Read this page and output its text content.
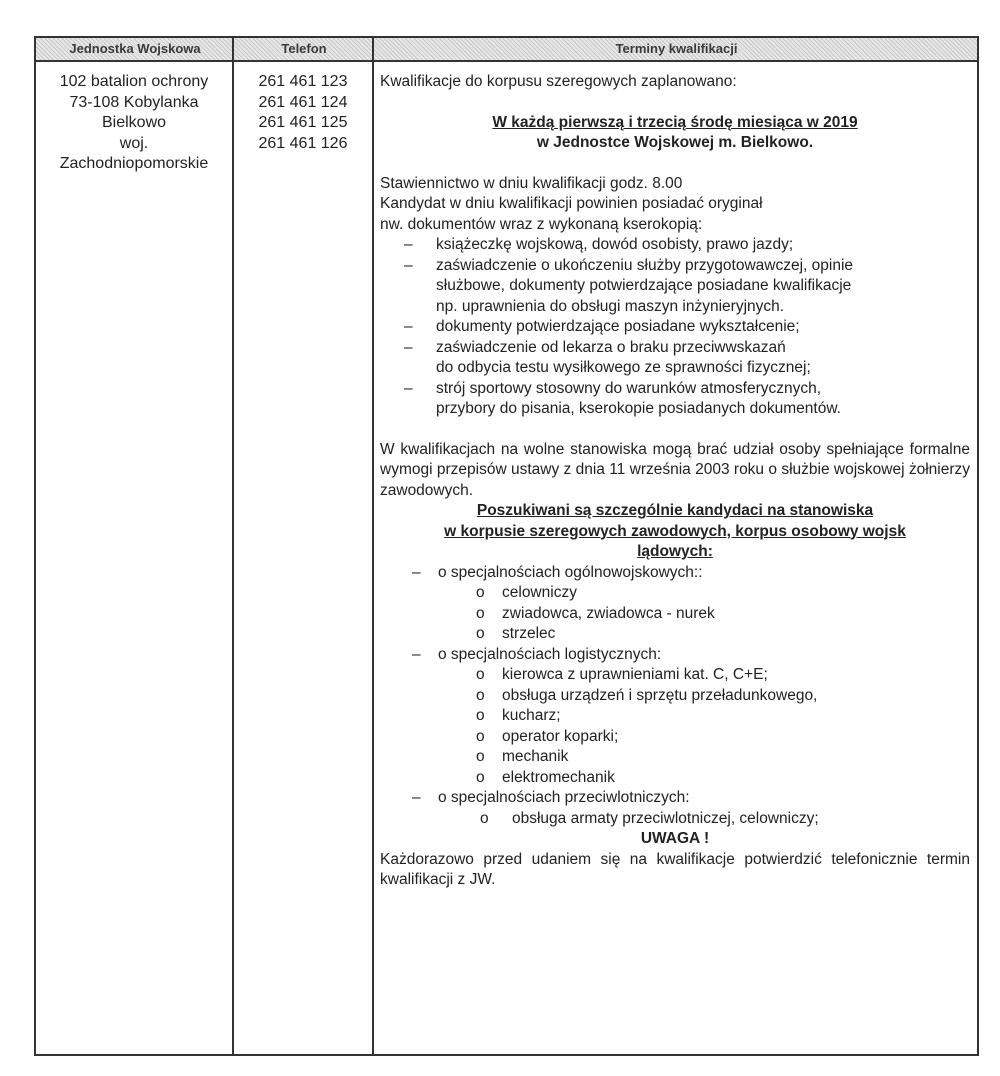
Jednostka Wojskowa	Telefon	Terminy kwalifikacji
102 batalion ochrony
73-108 Kobylanka
Bielkowo
woj.
Zachodniopomorskie
261 461 123
261 461 124
261 461 125
261 461 126
Kwalifikacje do korpusu szeregowych zaplanowano:
W każdą pierwszą i trzecią środę miesiąca w 2019
w Jednostce Wojskowej m. Bielkowo.
Stawiennictwo w dniu kwalifikacji godz. 8.00
Kandydat w dniu kwalifikacji powinien posiadać oryginał
nw. dokumentów wraz z wykonaną kserokopią:
– książeczkę wojskową, dowód osobisty, prawo jazdy;
– zaświadczenie o ukończeniu służby przygotowawczej, opinie
służbowe, dokumenty potwierdzające posiadane kwalifikacje
np. uprawnienia do obsługi maszyn inżynieryjnych.
– dokumenty potwierdzające posiadane wykształcenie;
– zaświadczenie od lekarza o braku przeciwwskazań
do odbycia testu wysiłkowego ze sprawności fizycznej;
– strój sportowy stosowny do warunków atmosferycznych,
przybory do pisania, kserokopie posiadanych dokumentów.

W kwalifikacjach na wolne stanowiska mogą brać udział osoby spełniające formalne wymogi przepisów ustawy z dnia 11 września 2003 roku o służbie wojskowej żołnierzy zawodowych.

Poszukiwani są szczególnie kandydaci na stanowiska
w korpusie szeregowych zawodowych, korpus osobowy wojsk
lądowych:
– o specjalnościach ogólnowojskowych::
o celowniczy
o zwiadowca, zwiadowca - nurek
o strzelec
– o specjalnościach logistycznych:
o kierowca z uprawnieniami kat. C, C+E;
o obsługa urządzeń i sprzętu przeładunkowego,
o kucharz;
o operator koparki;
o mechanik
o elektromechanik
– o specjalnościach przeciwlotniczych:
o obsługa armaty przeciwlotniczej, celowniczy;
UWAGA !

Każdorazowo przed udaniem się na kwalifikacje potwierdzić telefonicznie termin kwalifikacji z JW.
